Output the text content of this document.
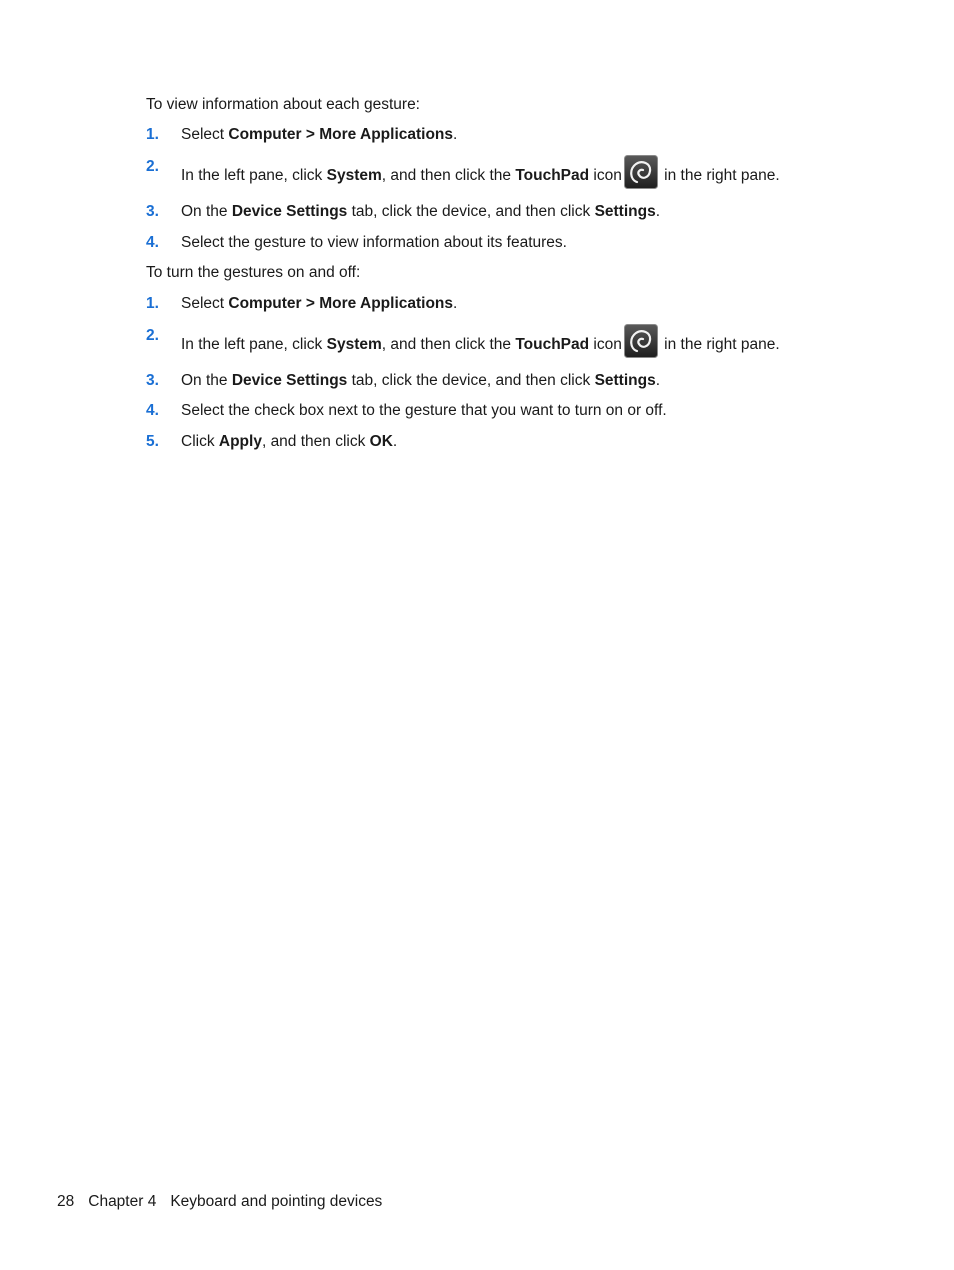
To view information about each gesture:

1. Select Computer > More Applications.
2.
In the left pane, click System, and then click the TouchPad icon
in the right pane.
3. On the Device Settings tab, click the device, and then click Settings.
4. Select the gesture to view information about its features.

To turn the gestures on and off:

1. Select Computer > More Applications.
2.
In the left pane, click System, and then click the TouchPad icon
in the right pane.
3. On the Device Settings tab, click the device, and then click Settings.
4. Select the check box next to the gesture that you want to turn on or off.
5. Click Apply, and then click OK.
28 Chapter 4 Keyboard and pointing devices
